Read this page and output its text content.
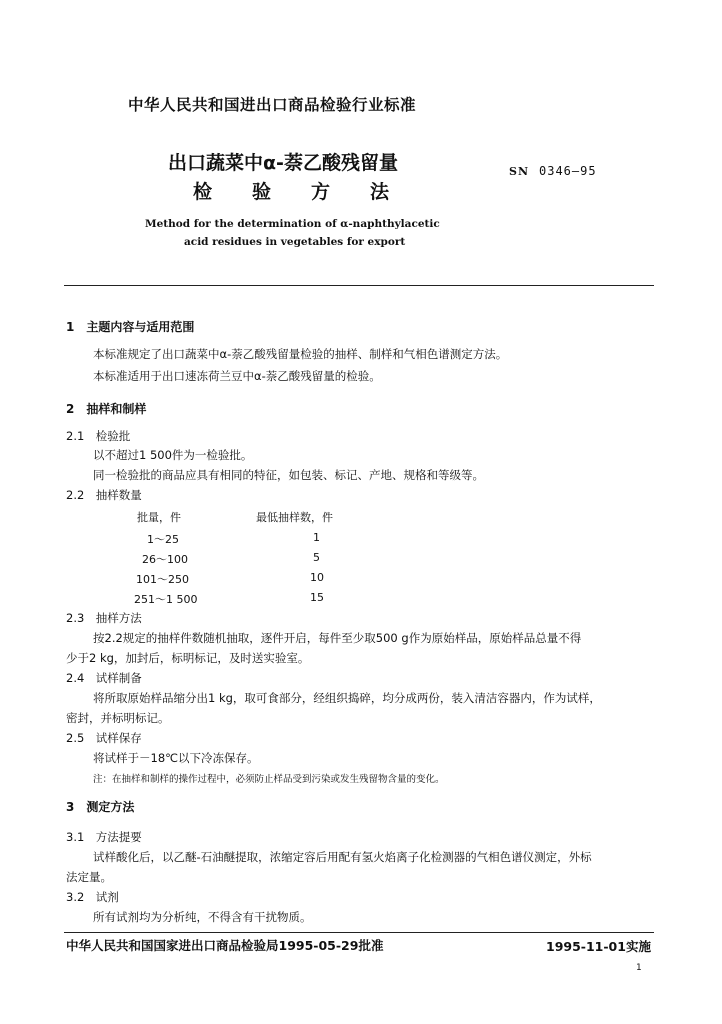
中华人民共和国进出口商品检验行业标准
出口蔬菜中α-萘乙酸残留量
检验方法
SN 0346—95
Method for the determination of α-naphthylacetic
acid residues in vegetables for export
1　主题内容与适用范围
本标准规定了出口蔬菜中α-萘乙酸残留量检验的抽样、制样和气相色谱测定方法。
本标准适用于出口速冻荷兰豆中α-萘乙酸残留量的检验。
2　抽样和制样
2.1　检验批
以不超过1 500件为一检验批。
同一检验批的商品应具有相同的特征，如包装、标记、产地、规格和等级等。
2.2　抽样数量
批量，件	最低抽样数，件
1～25	1
26～100	5
101～250	10
251～1 500	15
2.3　抽样方法
按2.2规定的抽样件数随机抽取，逐件开启，每件至少取500 g作为原始样品，原始样品总量不得
少于2 kg，加封后，标明标记，及时送实验室。
2.4　试样制备
将所取原始样品缩分出1 kg，取可食部分，经组织捣碎，均分成两份，装入清洁容器内，作为试样，
密封，并标明标记。
2.5　试样保存
将试样于－18℃以下冷冻保存。
注：在抽样和制样的操作过程中，必须防止样品受到污染或发生残留物含量的变化。
3　测定方法
3.1　方法提要
试样酸化后，以乙醚-石油醚提取，浓缩定容后用配有氢火焰离子化检测器的气相色谱仪测定，外标
法定量。
3.2　试剂
所有试剂均为分析纯，不得含有干扰物质。
中华人民共和国国家进出口商品检验局1995-05-29批准	1995-11-01实施
1
